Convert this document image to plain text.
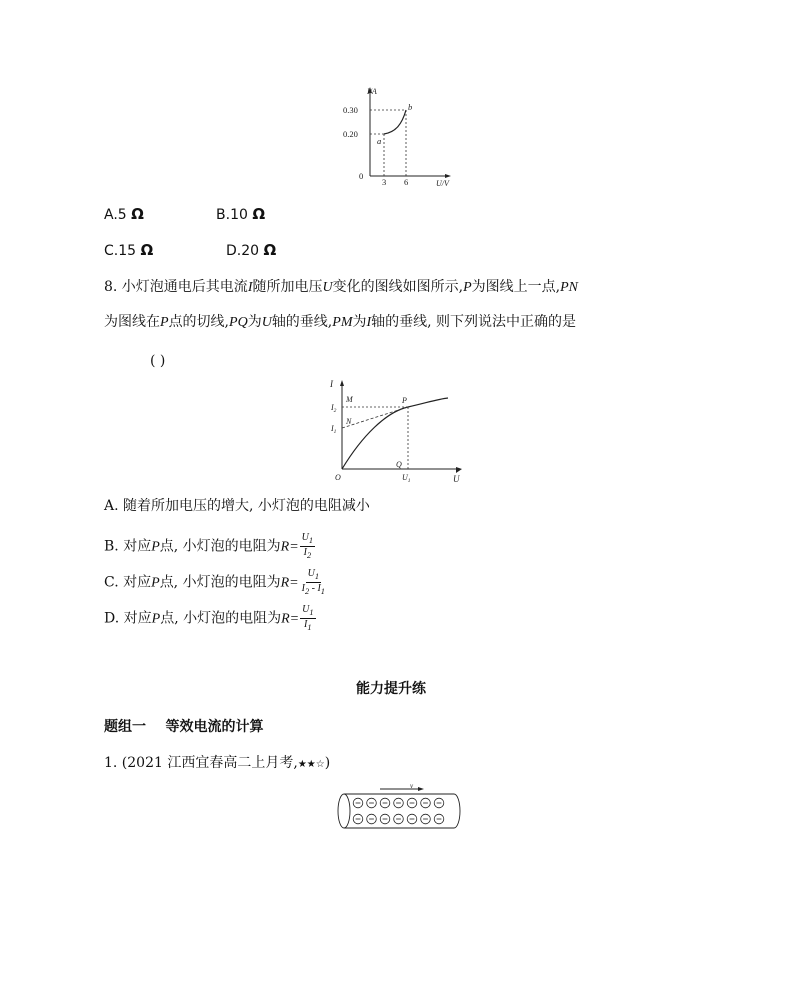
I/A
U/V
0.30
0.20
3 6
0
a
b
A.5 Ω	B.10 Ω
C.15 Ω	D.20 Ω
8. 小灯泡通电后其电流I随所加电压U变化的图线如图所示,P为图线上一点,PN
为图线在P点的切线,PQ为U轴的垂线,PM为I轴的垂线, 则下列说法中正确的是
( )
I
U
M
N
P
Q
O
$I_2$
$I_1$
$U_1$
A. 随着所加电压的增大, 小灯泡的电阻减小
B. 对应P点, 小灯泡的电阻为$R= \frac{U_1}{I_2}$
C. 对应P点, 小灯泡的电阻为$R= \frac{U_1}{I_2 - I_1}$
D. 对应P点, 小灯泡的电阻为$R= \frac{U_1}{I_1}$
能力提升练
题组一    等效电流的计算
1. (2021 江西宜春高二上月考,★★☆)
v
